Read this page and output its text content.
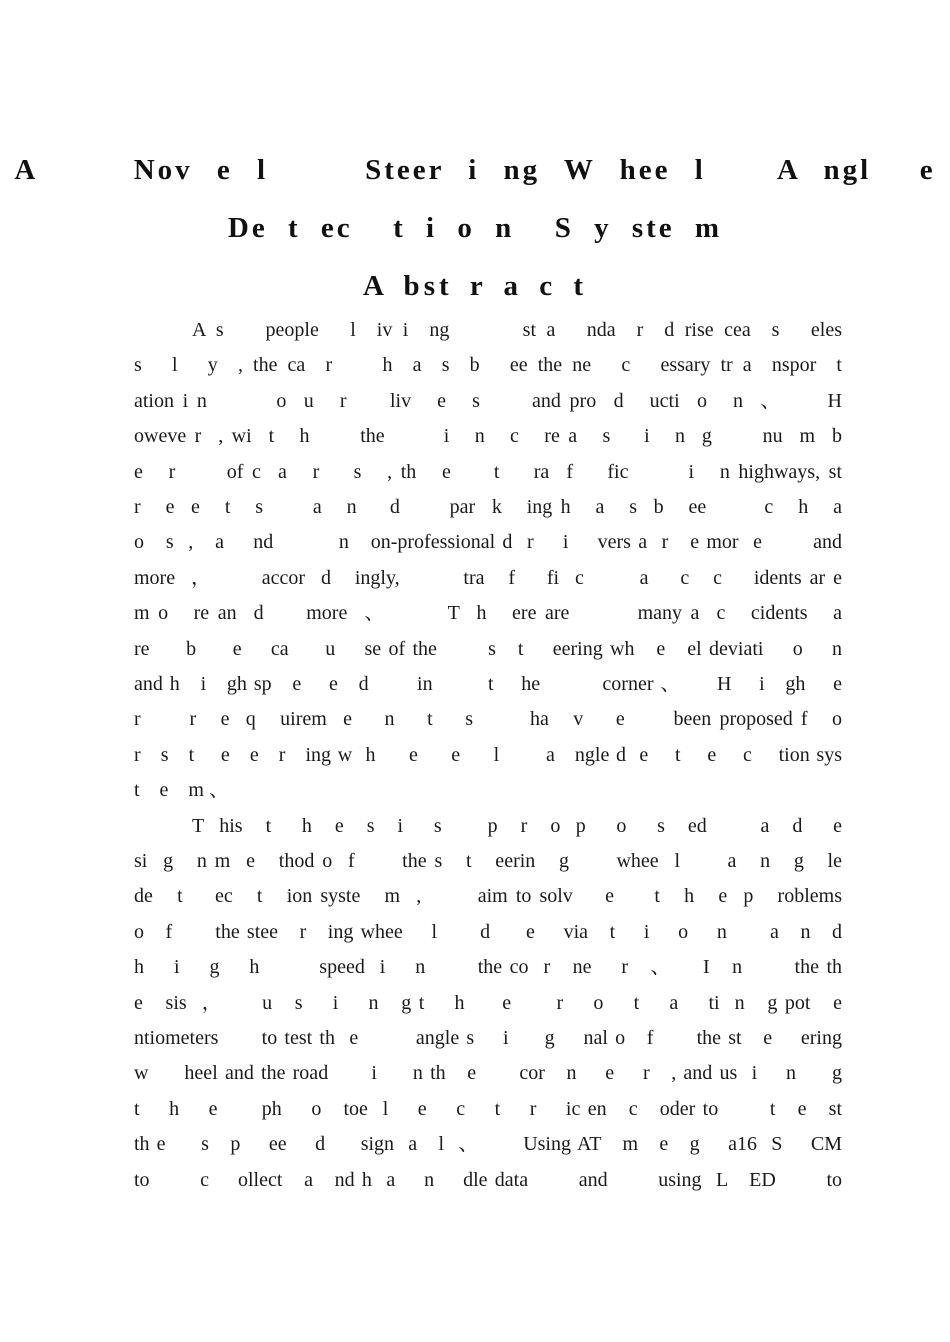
A    Nov e l    Steer i ng W hee l   A ngl  e
De t ec  t i o n  S y ste m
A bst r a c t
A s    people   l  iv i  ng       st a   nda  r  d rise cea  s   eles
s   l   y  , the ca  r     h  a  s  b   ee the ne   c   essary tr a  nspor  t
ation i n        o  u   r     liv   e   s      and pro  d   ucti  o   n  、     H
oweve r  , wi  t   h      the       i   n   c   re a   s    i   n  g      nu  m  b
e   r      of c  a   r    s   , th   e     t    ra  f    fic       i   n highways, st
r   e  e   t   s      a   n    d      par  k   ing h   a   s  b   ee       c   h   a
o   s  ,   a    nd         n   on-professional d  r    i    vers a  r   e mor  e       and
more  ，      accor  d   ingly,        tra   f    fi  c       a    c   c    idents ar e
m o   re an  d     more  、       T  h   ere are        many a  c   cidents   a
re     b     e    ca     u    se of the       s   t    eering wh   e   el deviati    o    n
and h   i   gh sp   e    e   d       in        t    he         corner 、     H    i   gh    e
r      r   e  q   uirem  e    n    t    s       ha   v    e      been proposed f   o
r   s   t    e   e   r   ing w  h     e     e     l       a   ngle d  e    t    e    c    tion sys
t    e    m 、
T  his   t    h   e   s   i    s      p   r   o  p    o    s   ed       a   d    e
si  g   n m  e   thod o  f      the s   t   eerin   g      whee  l      a   n   g   le
de   t    ec   t   ion syste   m  ,       aim to solv    e     t   h   e  p   roblems
o   f      the stee   r   ing whee    l      d     e    via   t    i    o    n      a   n   d
h    i    g    h        speed  i    n       the co  r   ne    r   、    I   n       the th
e   sis  ，     u   s    i    n   g t    h     e      r    o    t    a    ti  n   g pot   e
ntiometers      to test th  e        angle s    i     g    nal o   f      the st   e    ering
w     heel and the road      i     n th   e      cor   n    e    r   , and us  i    n     g
t    h    e      ph    o   toe  l    e    c    t    r    ic en   c   oder to       t   e   st
th e     s   p    ee    d     sign  a   l  、      Using AT   m   e   g    a16  S    CM
to       c    ollect   a   nd h  a    n    dle data       and       using  L   ED       to
